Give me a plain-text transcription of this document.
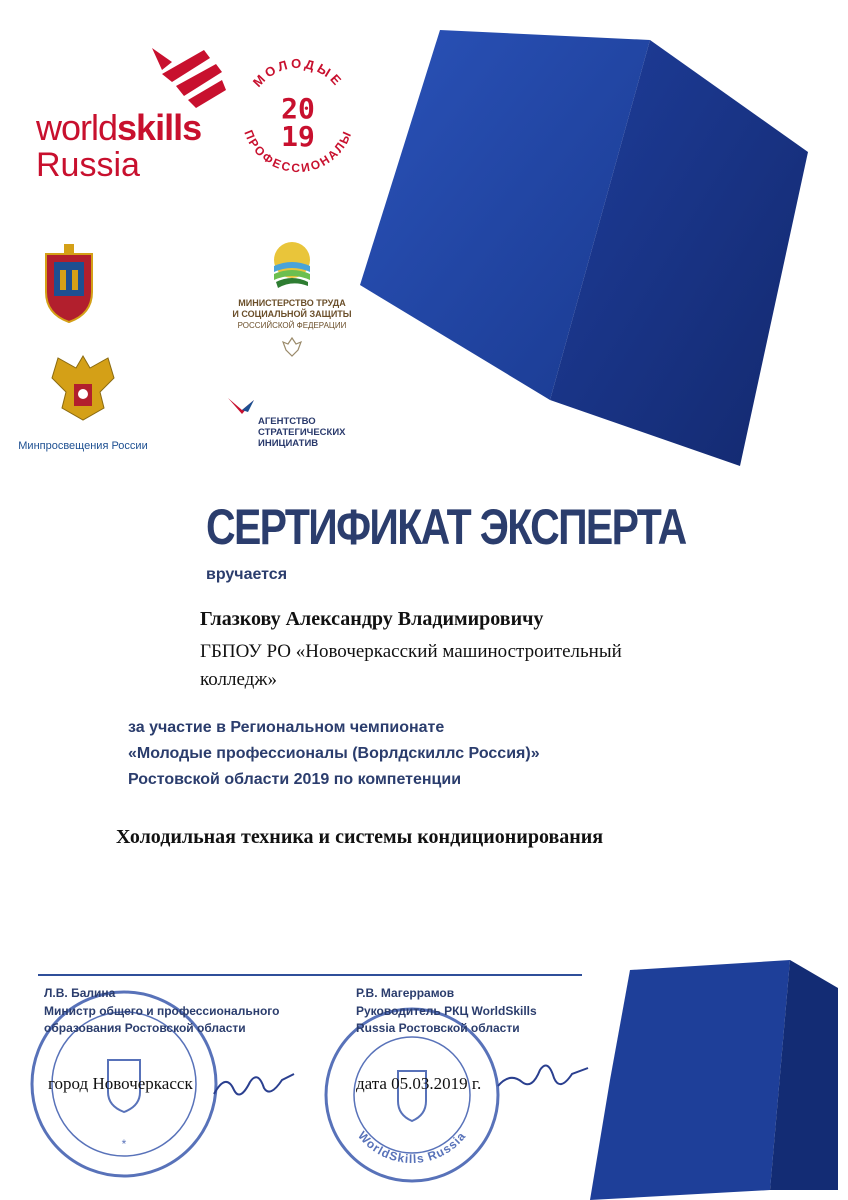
worldskills
Russia
МОЛОДЫЕ
ПРОФЕССИОНАЛЫ
20
19
МИНИСТЕРСТВО ТРУДА
И СОЦИАЛЬНОЙ ЗАЩИТЫ
РОССИЙСКОЙ ФЕДЕРАЦИИ
Минпросвещения России
АГЕНТСТВО
СТРАТЕГИЧЕСКИХ
ИНИЦИАТИВ
СЕРТИФИКАТ ЭКСПЕРТА
вручается
Глазкову Александру Владимировичу
ГБПОУ РО «Новочеркасский машиностроительный
колледж»
за участие в Региональном чемпионате
«Молодые профессионалы (Ворлдскиллс Россия)»
Ростовской области 2019 по компетенции
Холодильная техника и системы кондиционирования
*	WorldSkills Russia
Л.В. Балина
Министр общего и профессионального
образования Ростовской области
Р.В. Магеррамов
Руководитель РКЦ WorldSkills
Russia Ростовской области
город Новочеркасск	дата 05.03.2019 г.
